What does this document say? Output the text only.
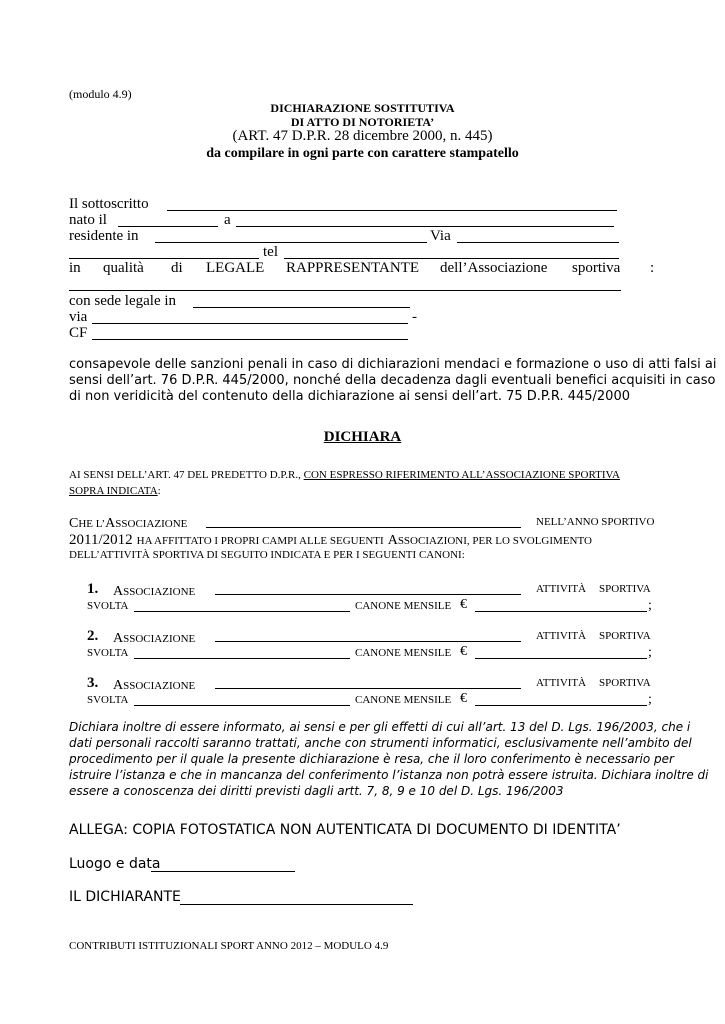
(modulo 4.9)
DICHIARAZIONE SOSTITUTIVA
DI ATTO DI NOTORIETA’
(ART. 47 D.P.R. 28 dicembre 2000, n. 445)
da compilare in ogni parte con carattere stampatello
Il sottoscritto
nato il	a
residente in	Via
tel
in qualità di LEGALE RAPPRESENTANTE dell’Associazione sportiva :
con sede legale in
via	-
CF
consapevole delle sanzioni penali in caso di dichiarazioni mendaci e formazione o uso di atti falsi ai
sensi dell’art. 76 D.P.R. 445/2000, nonché della decadenza dagli eventuali benefici acquisiti in caso
di non veridicità del contenuto della dichiarazione ai sensi dell’art. 75 D.P.R. 445/2000
DICHIARA
AI SENSI DELL’ART. 47 DEL PREDETTO D.P.R., CON ESPRESSO RIFERIMENTO ALL’ASSOCIAZIONE SPORTIVA
SOPRA INDICATA:
CHE L’ASSOCIAZIONE	NELL’ANNO SPORTIVO
2011/2012 HA AFFITTATO I PROPRI CAMPI ALLE SEGUENTI ASSOCIAZIONI, PER LO SVOLGIMENTO
DELL’ATTIVITÀ SPORTIVA DI SEGUITO INDICATA E PER I SEGUENTI CANONI:
1. ASSOCIAZIONE	ATTIVITÀ SPORTIVA
SVOLTA	CANONE MENSILE €	;
2. ASSOCIAZIONE	ATTIVITÀ SPORTIVA
SVOLTA	CANONE MENSILE €	;
3. ASSOCIAZIONE	ATTIVITÀ SPORTIVA
SVOLTA	CANONE MENSILE €	;
Dichiara inoltre di essere informato, ai sensi e per gli effetti di cui all’art. 13 del D. Lgs. 196/2003, che i
dati personali raccolti saranno trattati, anche con strumenti informatici, esclusivamente nell’ambito del
procedimento per il quale la presente dichiarazione è resa, che il loro conferimento è necessario per
istruire l’istanza e che in mancanza del conferimento l’istanza non potrà essere istruita. Dichiara inoltre di
essere a conoscenza dei diritti previsti dagli artt. 7, 8, 9 e 10 del D. Lgs. 196/2003
ALLEGA: COPIA FOTOSTATICA NON AUTENTICATA DI DOCUMENTO DI IDENTITA’
Luogo e data
IL DICHIARANTE
CONTRIBUTI ISTITUZIONALI SPORT ANNO 2012 – MODULO 4.9
